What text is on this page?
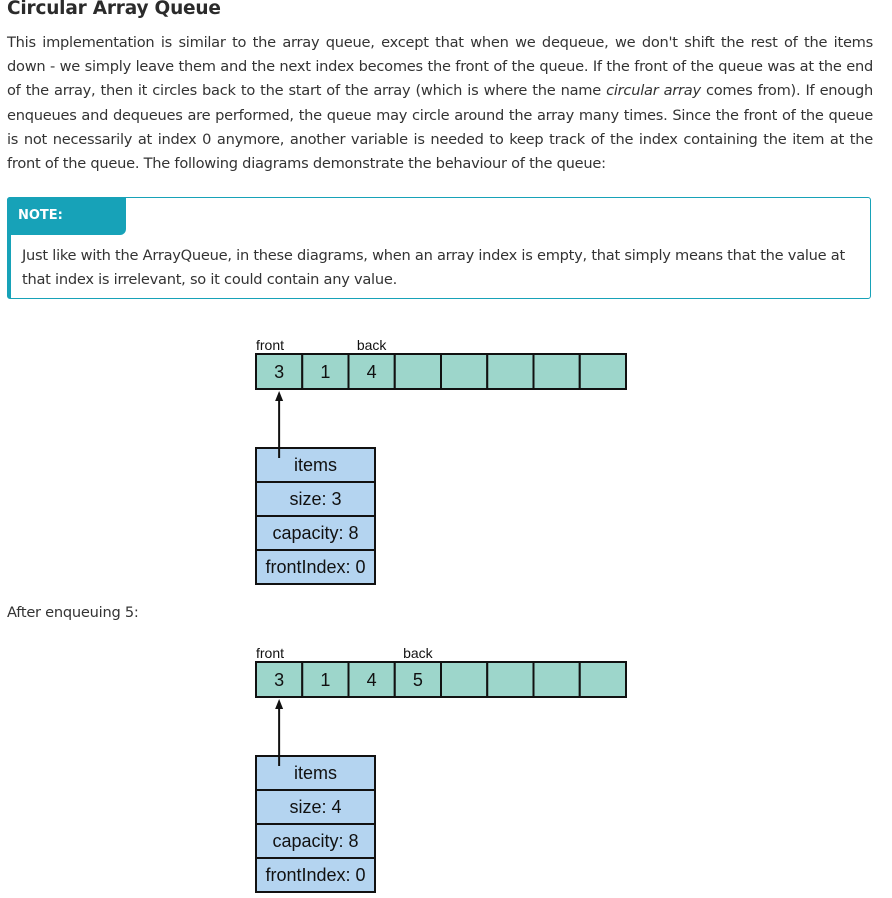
Circular Array Queue

This implementation is similar to the array queue, except that when we dequeue, we don't shift the rest of the items down - we simply leave them and the next index becomes the front of the queue. If the front of the queue was at the end of the array, then it circles back to the start of the array (which is where the name circular array comes from). If enough enqueues and dequeues are performed, the queue may circle around the array many times. Since the front of the queue is not necessarily at index 0 anymore, another variable is needed to keep track of the index containing the item at the front of the queue. The following diagrams demonstrate the behaviour of the queue:

NOTE:

Just like with the ArrayQueue, in these diagrams, when an array index is empty, that simply means that the value at that index is irrelevant, so it could contain any value.

front	back
3 1 4
items
size: 3
capacity: 8
frontIndex: 0

After enqueuing 5:

front	back
3 1 4 5
items
size: 4
capacity: 8
frontIndex: 0
